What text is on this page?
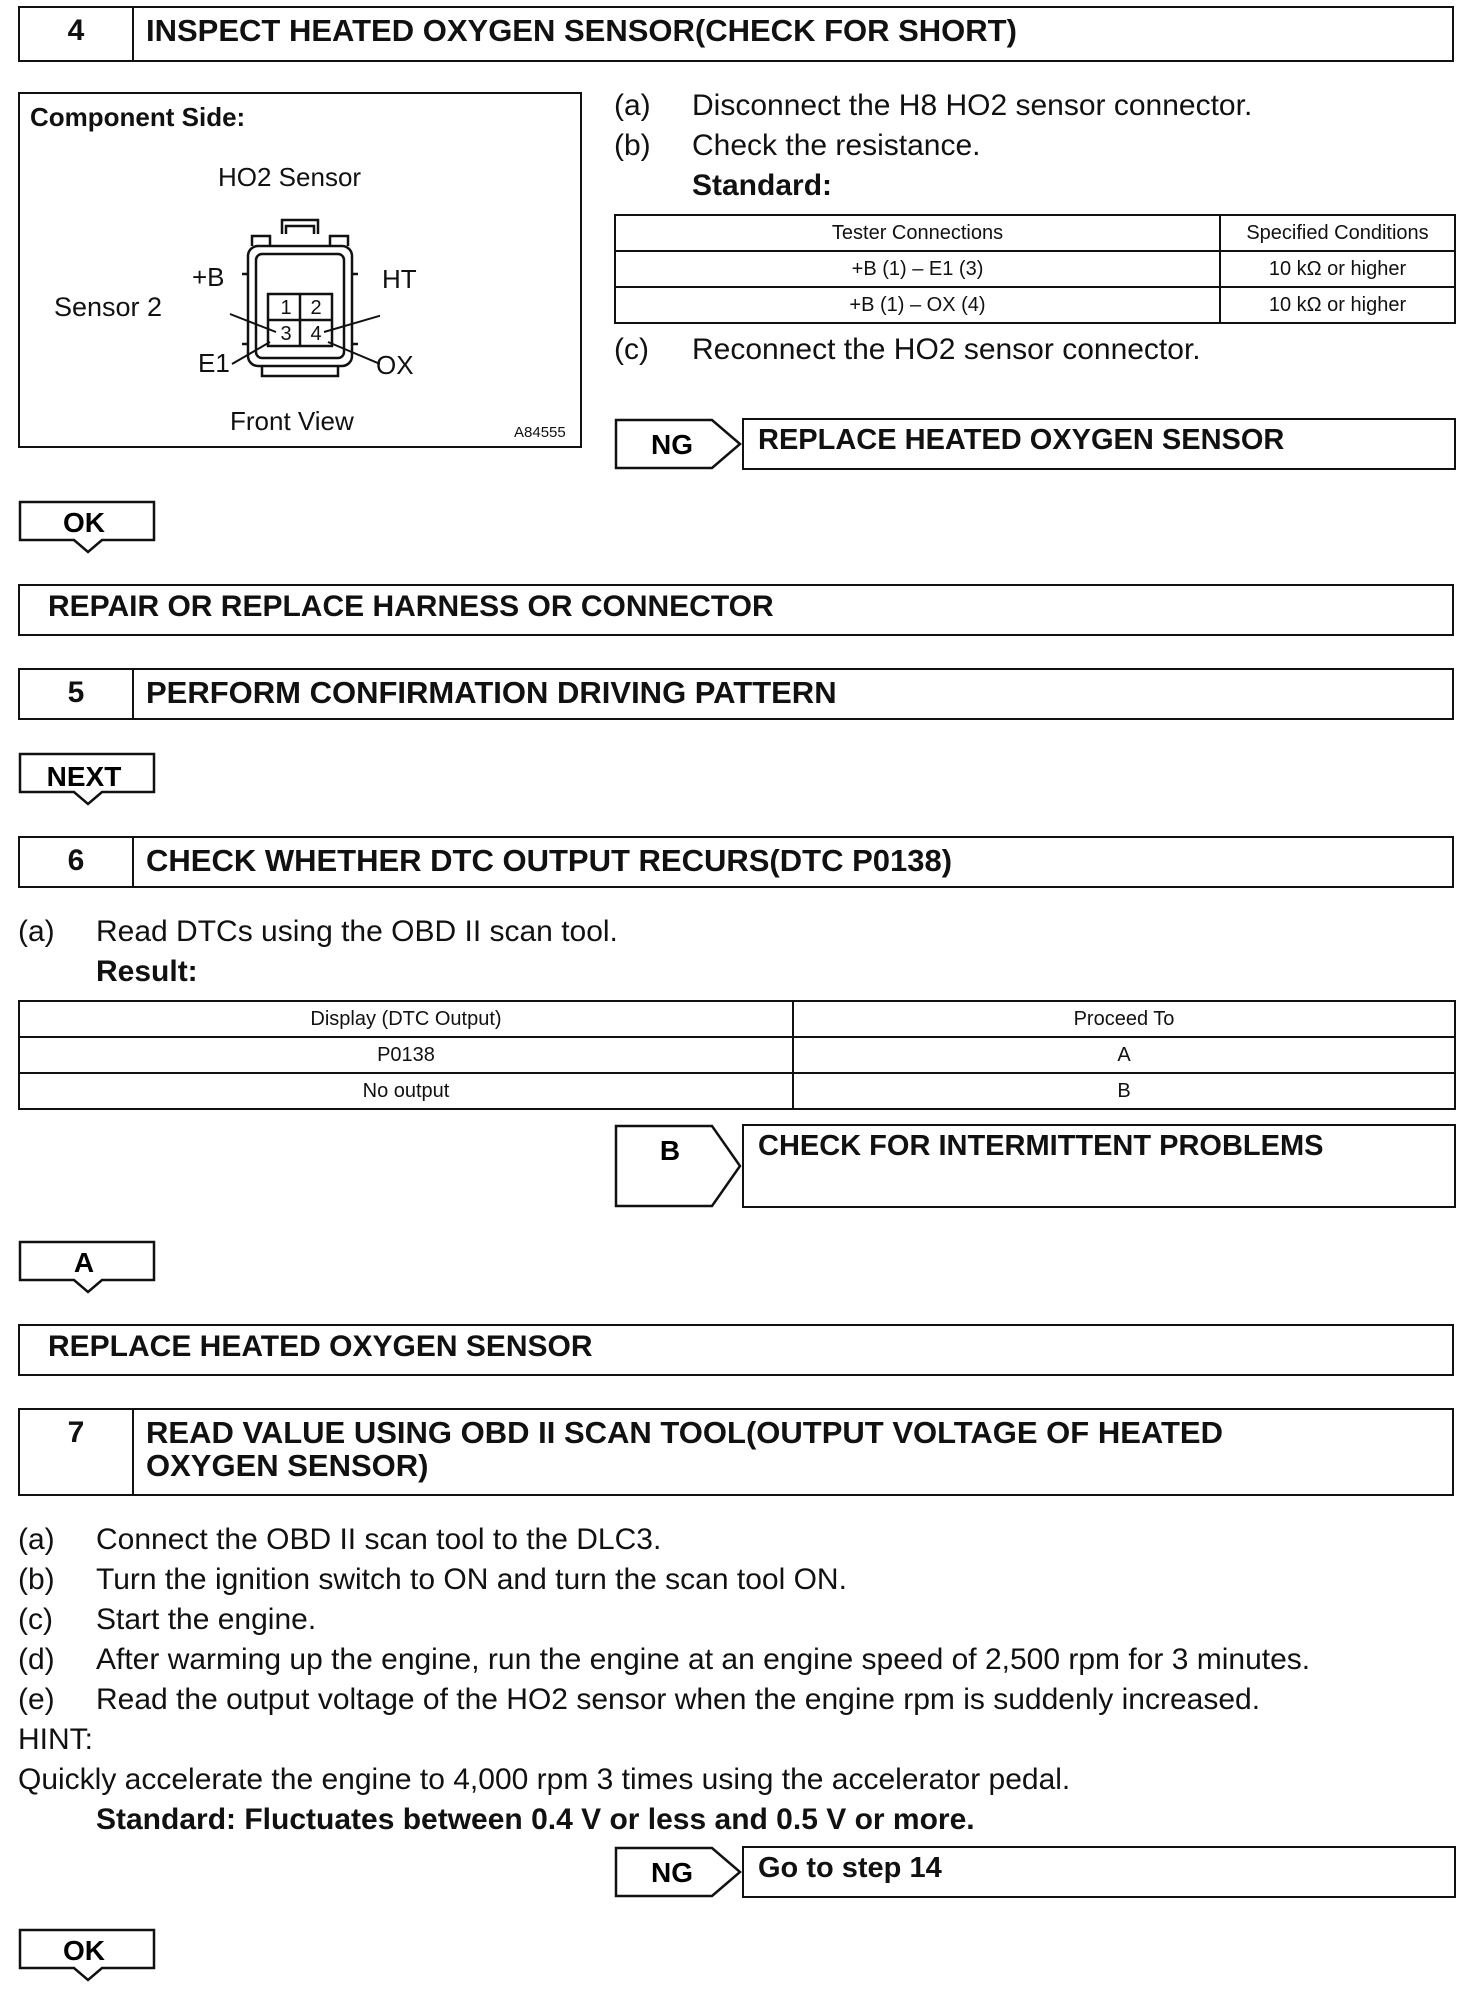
4	INSPECT HEATED OXYGEN SENSOR(CHECK FOR SHORT)
Component Side:
HO2 Sensor
Sensor 2
Front View	A84555
+B	HT
E1	OX
1 2
3 4
(a) Disconnect the H8 HO2 sensor connector.
(b) Check the resistance.
Standard:
Tester Connections	Specified Conditions
+B (1) – E1 (3)	10 kΩ or higher
+B (1) – OX (4)	10 kΩ or higher
(c) Reconnect the HO2 sensor connector.
NG	REPLACE HEATED OXYGEN SENSOR
OK
REPAIR OR REPLACE HARNESS OR CONNECTOR
5	PERFORM CONFIRMATION DRIVING PATTERN
NEXT
6	CHECK WHETHER DTC OUTPUT RECURS(DTC P0138)
(a) Read DTCs using the OBD II scan tool.
Result:
Display (DTC Output)	Proceed To
P0138	A
No output	B
B	CHECK FOR INTERMITTENT PROBLEMS
A
REPLACE HEATED OXYGEN SENSOR
7	READ VALUE USING OBD II SCAN TOOL(OUTPUT VOLTAGE OF HEATED
OXYGEN SENSOR)
(a) Connect the OBD II scan tool to the DLC3.
(b) Turn the ignition switch to ON and turn the scan tool ON.
(c) Start the engine.
(d) After warming up the engine, run the engine at an engine speed of 2,500 rpm for 3 minutes.
(e) Read the output voltage of the HO2 sensor when the engine rpm is suddenly increased.
HINT:
Quickly accelerate the engine to 4,000 rpm 3 times using the accelerator pedal.
Standard: Fluctuates between 0.4 V or less and 0.5 V or more.
NG	Go to step 14
OK
